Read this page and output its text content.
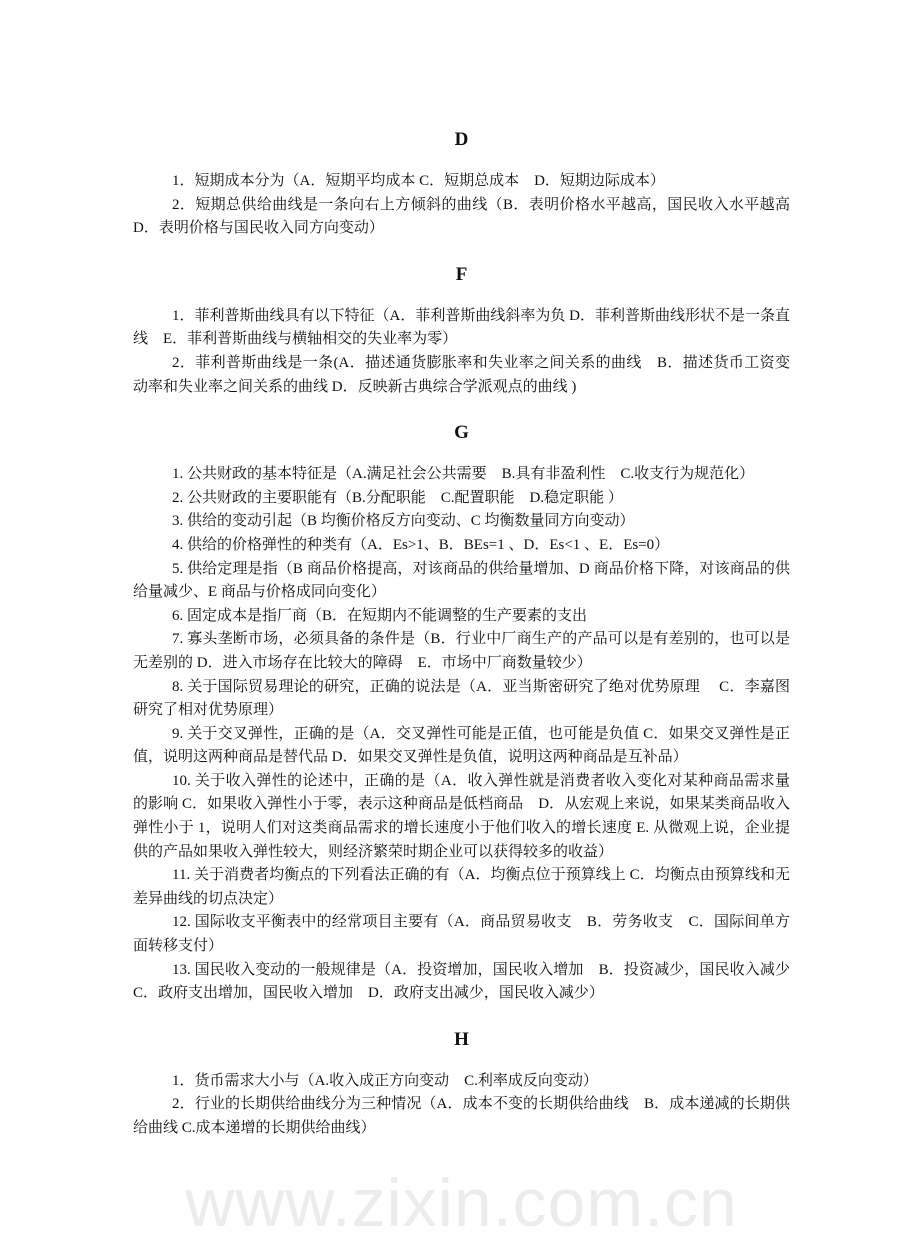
D

1．短期成本分为（A．短期平均成本 C．短期总成本　D．短期边际成本）

2．短期总供给曲线是一条向右上方倾斜的曲线（B．表明价格水平越高，国民收入水平越高 D．表明价格与国民收入同方向变动）

F

1．菲利普斯曲线具有以下特征（A．菲利普斯曲线斜率为负 D．菲利普斯曲线形状不是一条直线　E．菲利普斯曲线与横轴相交的失业率为零）

2．菲利普斯曲线是一条(A．描述通货膨胀率和失业率之间关系的曲线　B．描述货币工资变动率和失业率之间关系的曲线 D．反映新古典综合学派观点的曲线 )

G

1. 公共财政的基本特征是（A.满足社会公共需要　B.具有非盈利性　C.收支行为规范化）

2. 公共财政的主要职能有（B.分配职能　C.配置职能　D.稳定职能 ）

3. 供给的变动引起（B 均衡价格反方向变动、C 均衡数量同方向变动）

4. 供给的价格弹性的种类有（A．Es>1、B．BEs=1 、D．Es<1 、E．Es=0）

5. 供给定理是指（B 商品价格提高，对该商品的供给量增加、D 商品价格下降，对该商品的供给量减少、E 商品与价格成同向变化）

6. 固定成本是指厂商（B．在短期内不能调整的生产要素的支出

7. 寡头垄断市场，必须具备的条件是（B．行业中厂商生产的产品可以是有差别的，也可以是无差别的 D．进入市场存在比较大的障碍　E．市场中厂商数量较少）

8. 关于国际贸易理论的研究，正确的说法是（A．亚当斯密研究了绝对优势原理　 C．李嘉图研究了相对优势原理）

9. 关于交叉弹性，正确的是（A．交叉弹性可能是正值，也可能是负值 C．如果交叉弹性是正值，说明这两种商品是替代品 D．如果交叉弹性是负值，说明这两种商品是互补品）

10. 关于收入弹性的论述中，正确的是（A．收入弹性就是消费者收入变化对某种商品需求量的影响 C．如果收入弹性小于零，表示这种商品是低档商品　D．从宏观上来说，如果某类商品收入弹性小于 1，说明人们对这类商品需求的增长速度小于他们收入的增长速度 E. 从微观上说，企业提供的产品如果收入弹性较大，则经济繁荣时期企业可以获得较多的收益）

11. 关于消费者均衡点的下列看法正确的有（A．均衡点位于预算线上 C．均衡点由预算线和无差异曲线的切点决定）

12. 国际收支平衡表中的经常项目主要有（A．商品贸易收支　B．劳务收支　C．国际间单方面转移支付）

13. 国民收入变动的一般规律是（A．投资增加，国民收入增加　B．投资减少，国民收入减少　C．政府支出增加，国民收入增加　D．政府支出减少，国民收入减少）

H

1．货币需求大小与（A.收入成正方向变动　C.利率成反向变动）

2．行业的长期供给曲线分为三种情况（A．成本不变的长期供给曲线　B．成本递减的长期供给曲线 C.成本递增的长期供给曲线）

www.zixin.com.cn
